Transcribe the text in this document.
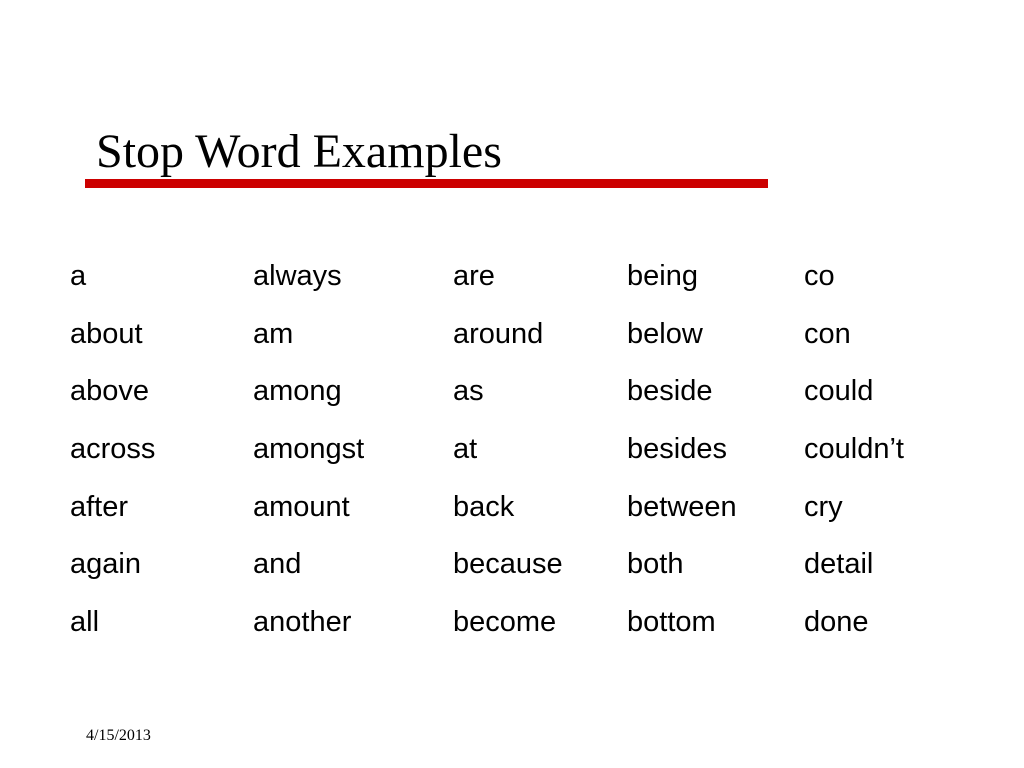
Stop Word Examples
a
about
above
across
after
again
all
always
am
among
amongst
amount
and
another
are
around
as
at
back
because
become
being
below
beside
besides
between
both
bottom
co
con
could
couldn’t
cry
detail
done
4/15/2013
